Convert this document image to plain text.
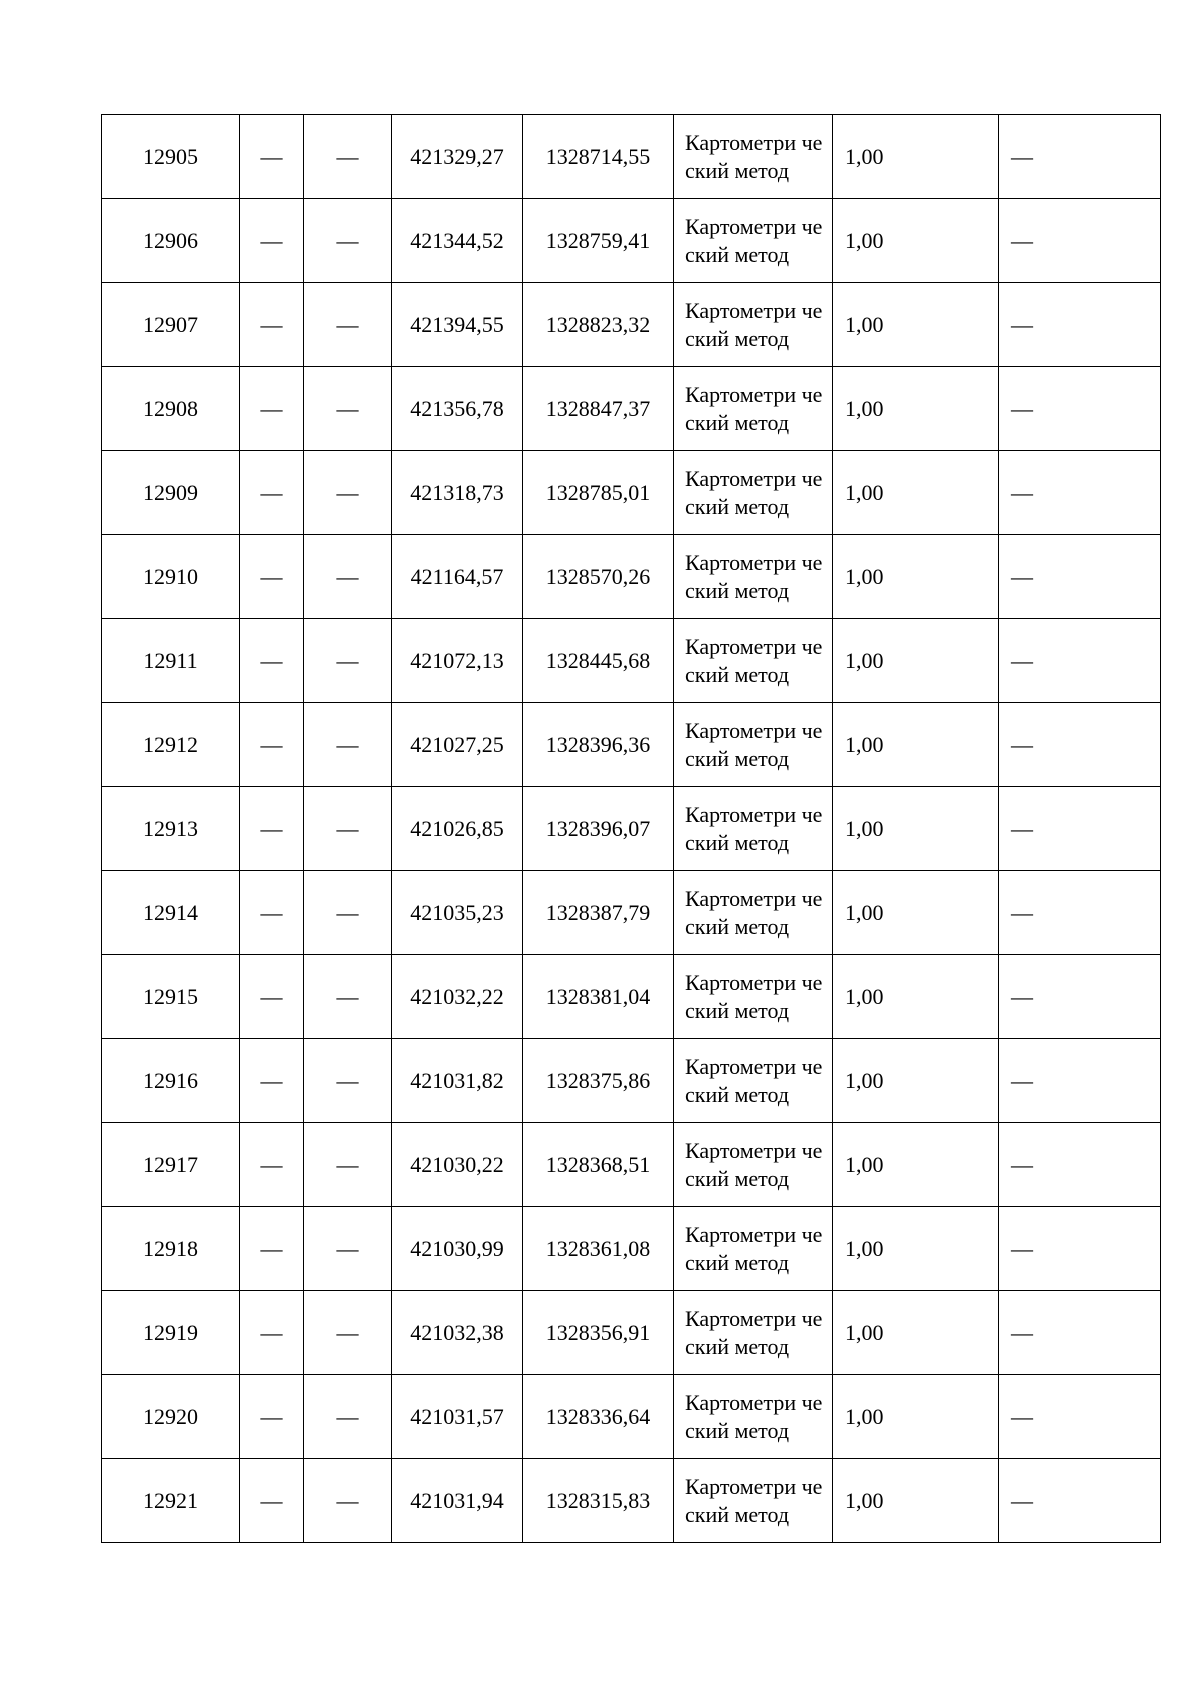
12905	—	—	421329,27	1328714,55	Картометри ческий метод	1,00	—
12906	—	—	421344,52	1328759,41	Картометри ческий метод	1,00	—
12907	—	—	421394,55	1328823,32	Картометри ческий метод	1,00	—
12908	—	—	421356,78	1328847,37	Картометри ческий метод	1,00	—
12909	—	—	421318,73	1328785,01	Картометри ческий метод	1,00	—
12910	—	—	421164,57	1328570,26	Картометри ческий метод	1,00	—
12911	—	—	421072,13	1328445,68	Картометри ческий метод	1,00	—
12912	—	—	421027,25	1328396,36	Картометри ческий метод	1,00	—
12913	—	—	421026,85	1328396,07	Картометри ческий метод	1,00	—
12914	—	—	421035,23	1328387,79	Картометри ческий метод	1,00	—
12915	—	—	421032,22	1328381,04	Картометри ческий метод	1,00	—
12916	—	—	421031,82	1328375,86	Картометри ческий метод	1,00	—
12917	—	—	421030,22	1328368,51	Картометри ческий метод	1,00	—
12918	—	—	421030,99	1328361,08	Картометри ческий метод	1,00	—
12919	—	—	421032,38	1328356,91	Картометри ческий метод	1,00	—
12920	—	—	421031,57	1328336,64	Картометри ческий метод	1,00	—
12921	—	—	421031,94	1328315,83	Картометри ческий метод	1,00	—
